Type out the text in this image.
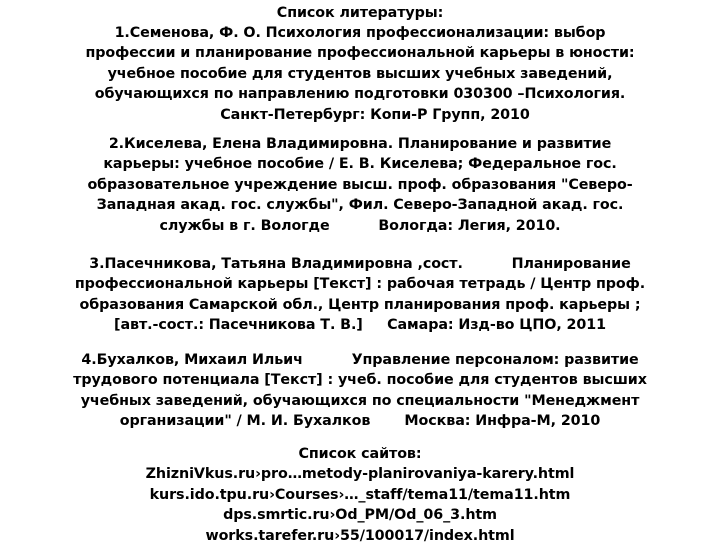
Список литературы:
1.Семенова, Ф. О. Психология профессионализации: выбор
профессии и планирование профессиональной карьеры в юности:
учебное пособие для студентов высших учебных заведений,
обучающихся по направлению подготовки 030300 –Психология.
Санкт-Петербург: Копи-Р Групп, 2010
2.Киселева, Елена Владимировна. Планирование и развитие
карьеры: учебное пособие / Е. В. Киселева; Федеральное гос.
образовательное учреждение высш. проф. образования "Северо-
Западная акад. гос. службы", Фил. Северо-Западной акад. гос.
службы в г. Вологде          Вологда: Легия, 2010.
3.Пасечникова, Татьяна Владимировна ,сост.          Планирование
профессиональной карьеры [Текст] : рабочая тетрадь / Центр проф.
образования Самарской обл., Центр планирования проф. карьеры ;
[авт.-сост.: Пасечникова Т. В.]     Самара: Изд-во ЦПО, 2011
4.Бухалков, Михаил Ильич          Управление персоналом: развитие
трудового потенциала [Текст] : учеб. пособие для студентов высших
учебных заведений, обучающихся по специальности "Менеджмент
организации" / М. И. Бухалков       Москва: Инфра-М, 2010
Список сайтов:
ZhizniVkus.ru›pro…metody-planirovaniya-karery.html
kurs.ido.tpu.ru›Courses›…_staff/tema11/tema11.htm
dps.smrtic.ru›Od_PM/Od_06_3.htm
works.tarefer.ru›55/100017/index.html
